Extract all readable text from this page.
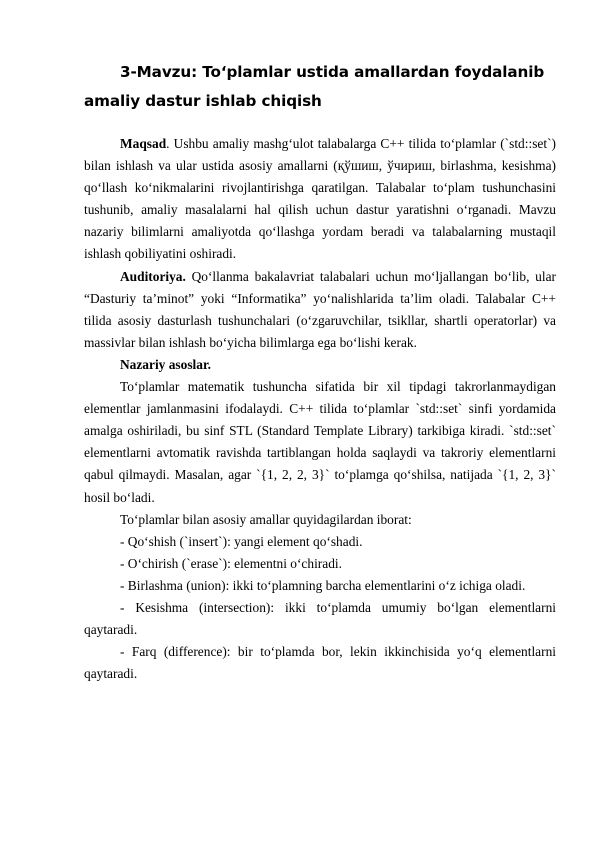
3-Mavzu: To‘plamlar ustida amallardan foydalanib
amaliy dastur ishlab chiqish

Maqsad. Ushbu amaliy mashg‘ulot talabalarga C++ tilida to‘plamlar (`std::set`) bilan ishlash va ular ustida asosiy amallarni (қўшиш, ўчириш, birlashma, kesishma) qo‘llash ko‘nikmalarini rivojlantirishga qaratilgan. Talabalar to‘plam tushunchasini tushunib, amaliy masalalarni hal qilish uchun dastur yaratishni o‘rganadi. Mavzu nazariy bilimlarni amaliyotda qo‘llashga yordam beradi va talabalarning mustaqil ishlash qobiliyatini oshiradi.

Auditoriya. Qo‘llanma bakalavriat talabalari uchun mo‘ljallangan bo‘lib, ular “Dasturiy ta’minot” yoki “Informatika” yo‘nalishlarida ta’lim oladi. Talabalar C++ tilida asosiy dasturlash tushunchalari (o‘zgaruvchilar, tsikllar, shartli operatorlar) va massivlar bilan ishlash bo‘yicha bilimlarga ega bo‘lishi kerak.

Nazariy asoslar.

To‘plamlar matematik tushuncha sifatida bir xil tipdagi takrorlanmaydigan elementlar jamlanmasini ifodalaydi. C++ tilida to‘plamlar `std::set` sinfi yordamida amalga oshiriladi, bu sinf STL (Standard Template Library) tarkibiga kiradi. `std::set` elementlarni avtomatik ravishda tartiblangan holda saqlaydi va takroriy elementlarni qabul qilmaydi. Masalan, agar `{1, 2, 2, 3}` to‘plamga qo‘shilsa, natijada `{1, 2, 3}` hosil bo‘ladi.

To‘plamlar bilan asosiy amallar quyidagilardan iborat:

- Qo‘shish (`insert`): yangi element qo‘shadi.

- O‘chirish (`erase`): elementni o‘chiradi.

- Birlashma (union): ikki to‘plamning barcha elementlarini o‘z ichiga oladi.

- Kesishma (intersection): ikki to‘plamda umumiy bo‘lgan elementlarni qaytaradi.

- Farq (difference): bir to‘plamda bor, lekin ikkinchisida yo‘q elementlarni qaytaradi.
